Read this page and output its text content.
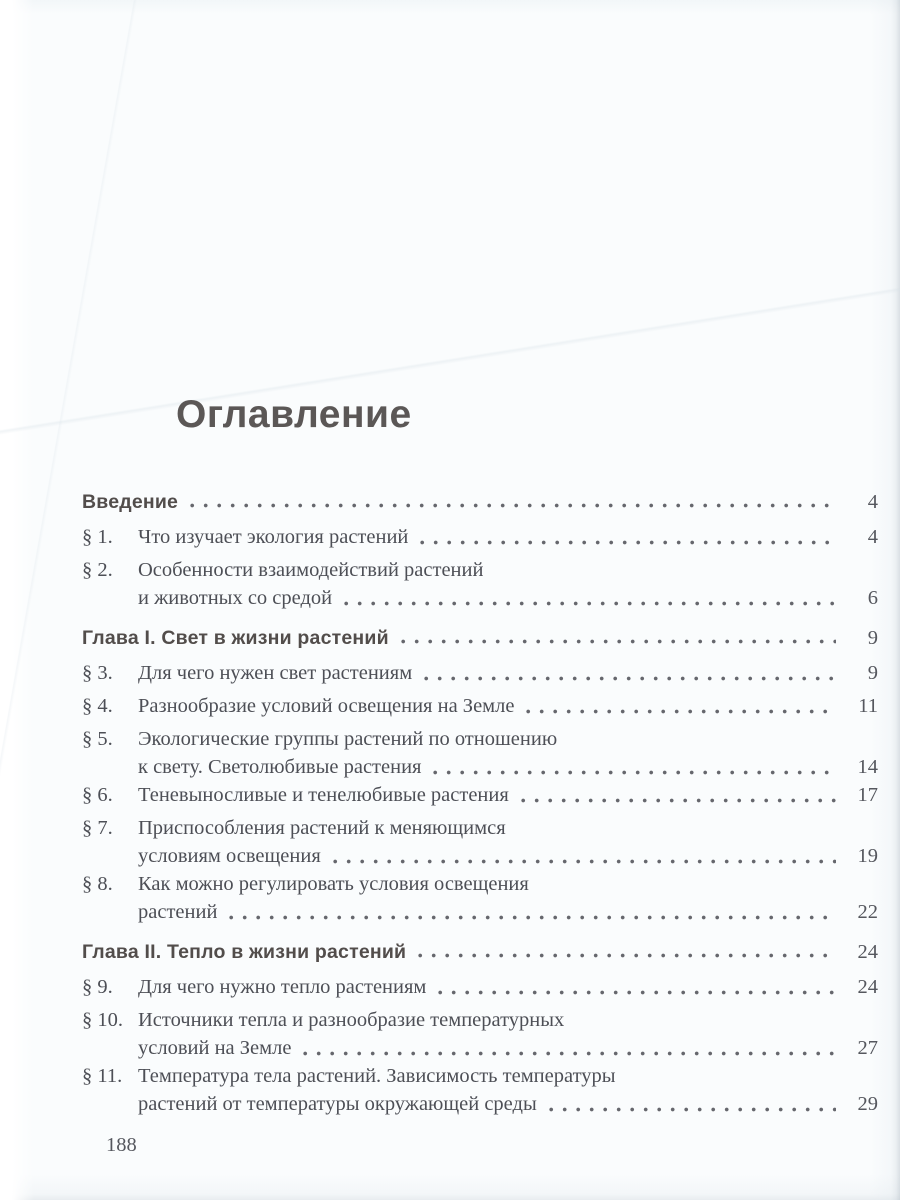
Оглавление
Введение	4
§ 1.	Что изучает экология растений	4
§ 2.	Особенности взаимодействий растений
и животных со средой	6
Глава I. Свет в жизни растений	9
§ 3.	Для чего нужен свет растениям	9
§ 4.	Разнообразие условий освещения на Земле	11
§ 5.	Экологические группы растений по отношению
к свету. Светолюбивые растения	14
§ 6.	Теневыносливые и тенелюбивые растения	17
§ 7.	Приспособления растений к меняющимся
условиям освещения	19
§ 8.	Как можно регулировать условия освещения
растений	22
Глава II. Тепло в жизни растений	24
§ 9.	Для чего нужно тепло растениям	24
§ 10. Источники тепла и разнообразие температурных
условий на Земле	27
§ 11. Температура тела растений. Зависимость температуры
растений от температуры окружающей среды	29
188
